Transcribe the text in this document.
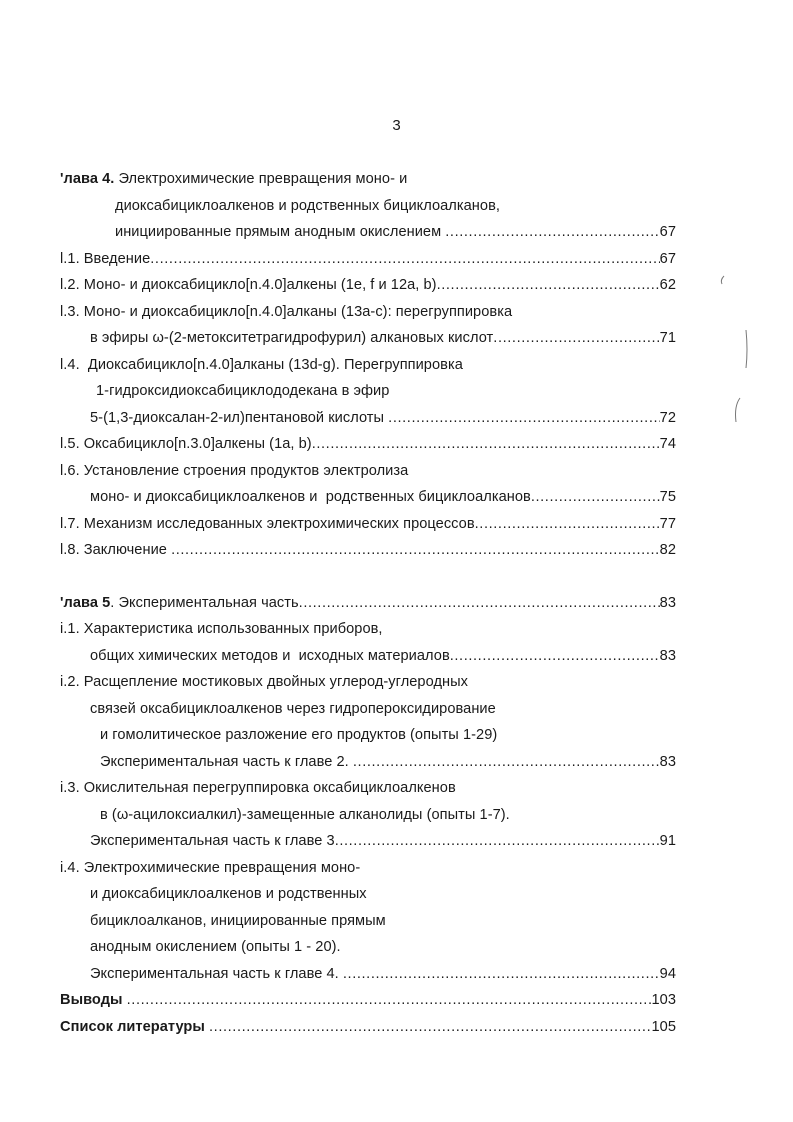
3
'лава 4. Электрохимические превращения моно- и
диоксабициклоалкенов и родственных бициклоалканов,
инициированные прямым анодным окислением .....	67
l.1. Введение .....	67
l.2. Моно- и диоксабицикло[n.4.0]алкены (1e, f и 12a, b) .....	62
l.3. Моно- и диоксабицикло[n.4.0]алканы (13a-c): перегруппировка
в эфиры ω-(2-метокситетрагидрофурил) алкановых кислот .....	71
l.4.  Диоксабицикло[n.4.0]алканы (13d-g). Перегруппировка
1-гидроксидиоксабициклододекана в эфир
5-(1,3-диоксалан-2-ил)пентановой кислоты .....	72
l.5. Оксабицикло[n.3.0]алкены (1a, b) .....	74
l.6. Установление строения продуктов электролиза
моно- и диоксабициклоалкенов и  родственных бициклоалканов .....	75
l.7. Механизм исследованных электрохимических процессов .....	77
l.8. Заключение .....	82
'лава 5. Экспериментальная часть .....	83
i.1. Характеристика использованных приборов,
общих химических методов и  исходных материалов .....	83
i.2. Расщепление мостиковых двойных углерод-углеродных
связей оксабициклоалкенов через гидропероксидирование
и гомолитическое разложение его продуктов (опыты 1-29)
Экспериментальная часть к главе 2. .....	83
i.3. Окислительная перегруппировка оксабициклоалкенов
в (ω-ацилоксиалкил)-замещенные алканолиды (опыты 1-7).
Экспериментальная часть к главе 3 .....	91
i.4. Электрохимические превращения моно-
и диоксабициклоалкенов и родственных
бициклоалканов, инициированные прямым
анодным окислением (опыты 1 - 20).
Экспериментальная часть к главе 4. .....	94
Выводы .....	103
Список литературы .....	105
